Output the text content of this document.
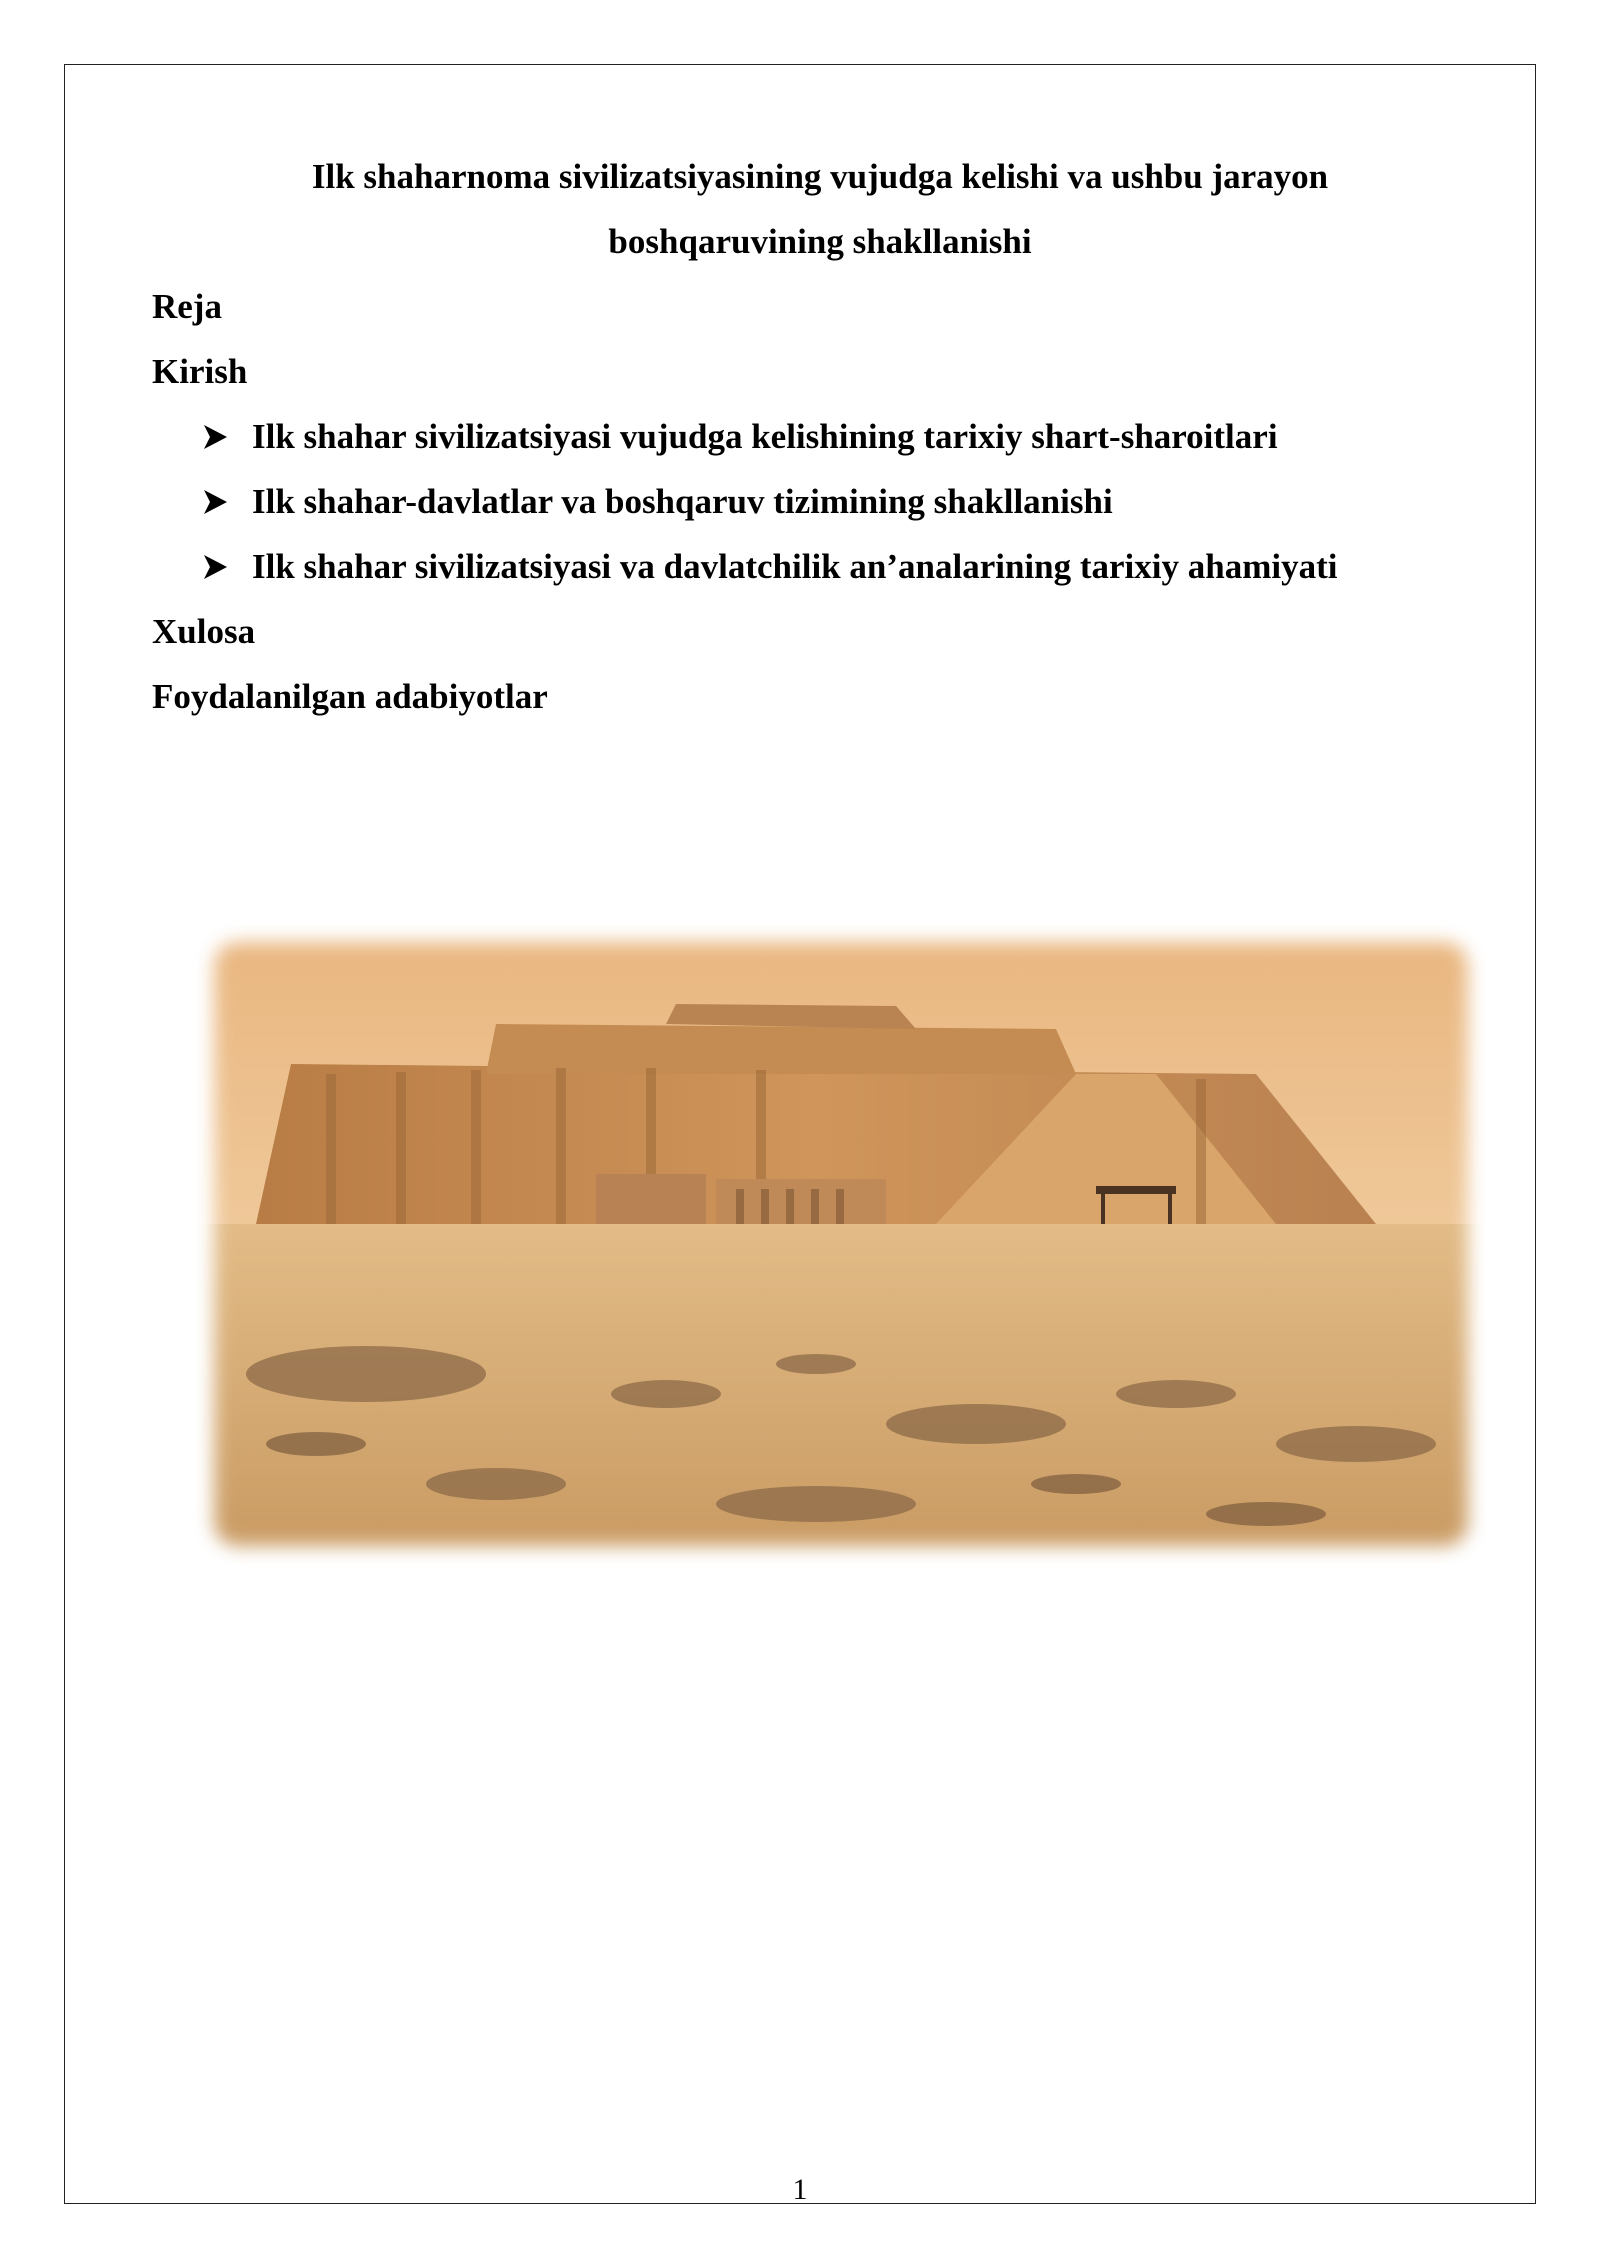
Ilk shaharnoma sivilizatsiyasining vujudga kelishi va ushbu jarayon
boshqaruvining shakllanishi
Reja
Kirish
Ilk shahar sivilizatsiyasi vujudga kelishining tarixiy shart-sharoitlari
Ilk shahar-davlatlar va boshqaruv tizimining shakllanishi
Ilk shahar sivilizatsiyasi va davlatchilik an’analarining tarixiy ahamiyati
Xulosa
Foydalanilgan adabiyotlar
1
